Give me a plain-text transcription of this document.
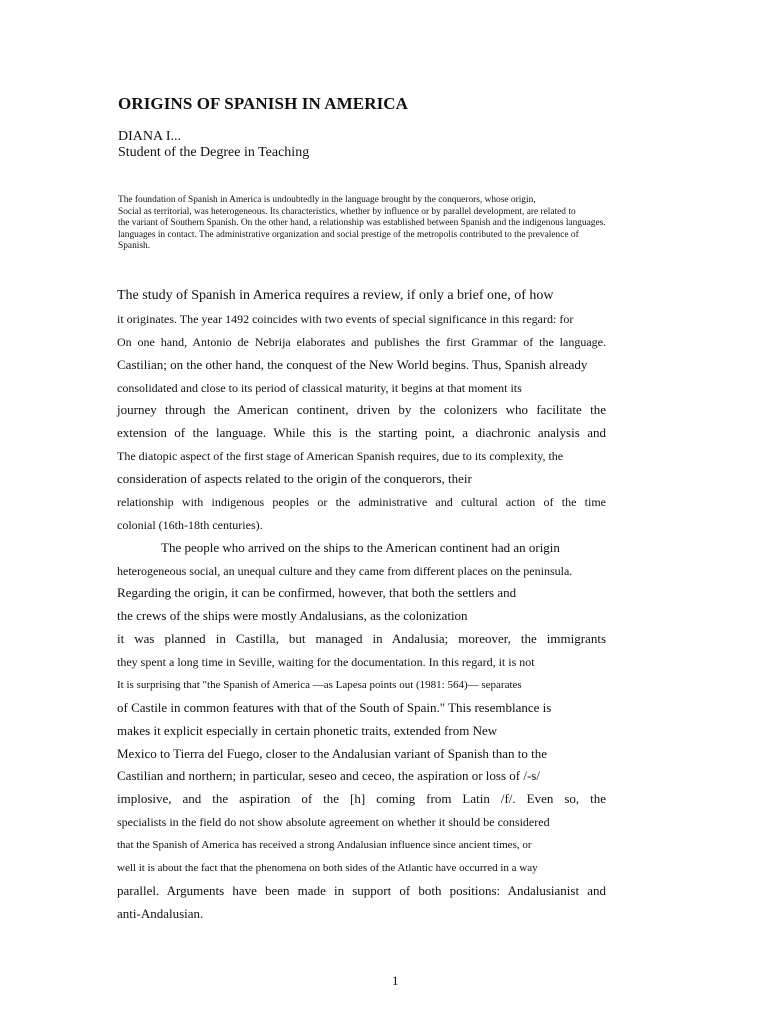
ORIGINS OF SPANISH IN AMERICA
DIANA I...
Student of the Degree in Teaching
The foundation of Spanish in America is undoubtedly in the language brought by the conquerors, whose origin,
Social as territorial, was heterogeneous. Its characteristics, whether by influence or by parallel development, are related to
the variant of Southern Spanish. On the other hand, a relationship was established between Spanish and the indigenous languages.
languages in contact. The administrative organization and social prestige of the metropolis contributed to the prevalence of
Spanish.
The study of Spanish in America requires a review, if only a brief one, of how
it originates. The year 1492 coincides with two events of special significance in this regard: for
On one hand, Antonio de Nebrija elaborates and publishes the first Grammar of the language.
Castilian; on the other hand, the conquest of the New World begins. Thus, Spanish already
consolidated and close to its period of classical maturity, it begins at that moment its
journey through the American continent, driven by the colonizers who facilitate the
extension of the language. While this is the starting point, a diachronic analysis and
The diatopic aspect of the first stage of American Spanish requires, due to its complexity, the
consideration of aspects related to the origin of the conquerors, their
relationship with indigenous peoples or the administrative and cultural action of the time
colonial (16th-18th centuries).
The people who arrived on the ships to the American continent had an origin
heterogeneous social, an unequal culture and they came from different places on the peninsula.
Regarding the origin, it can be confirmed, however, that both the settlers and
the crews of the ships were mostly Andalusians, as the colonization
it was planned in Castilla, but managed in Andalusia; moreover, the immigrants
they spent a long time in Seville, waiting for the documentation. In this regard, it is not
It is surprising that "the Spanish of America —as Lapesa points out (1981: 564)— separates
of Castile in common features with that of the South of Spain." This resemblance is
makes it explicit especially in certain phonetic traits, extended from New
Mexico to Tierra del Fuego, closer to the Andalusian variant of Spanish than to the
Castilian and northern; in particular, seseo and ceceo, the aspiration or loss of /-s/
implosive, and the aspiration of the [h] coming from Latin /f/. Even so, the
specialists in the field do not show absolute agreement on whether it should be considered
that the Spanish of America has received a strong Andalusian influence since ancient times, or
well it is about the fact that the phenomena on both sides of the Atlantic have occurred in a way
parallel. Arguments have been made in support of both positions: Andalusianist and
anti-Andalusian.
1
